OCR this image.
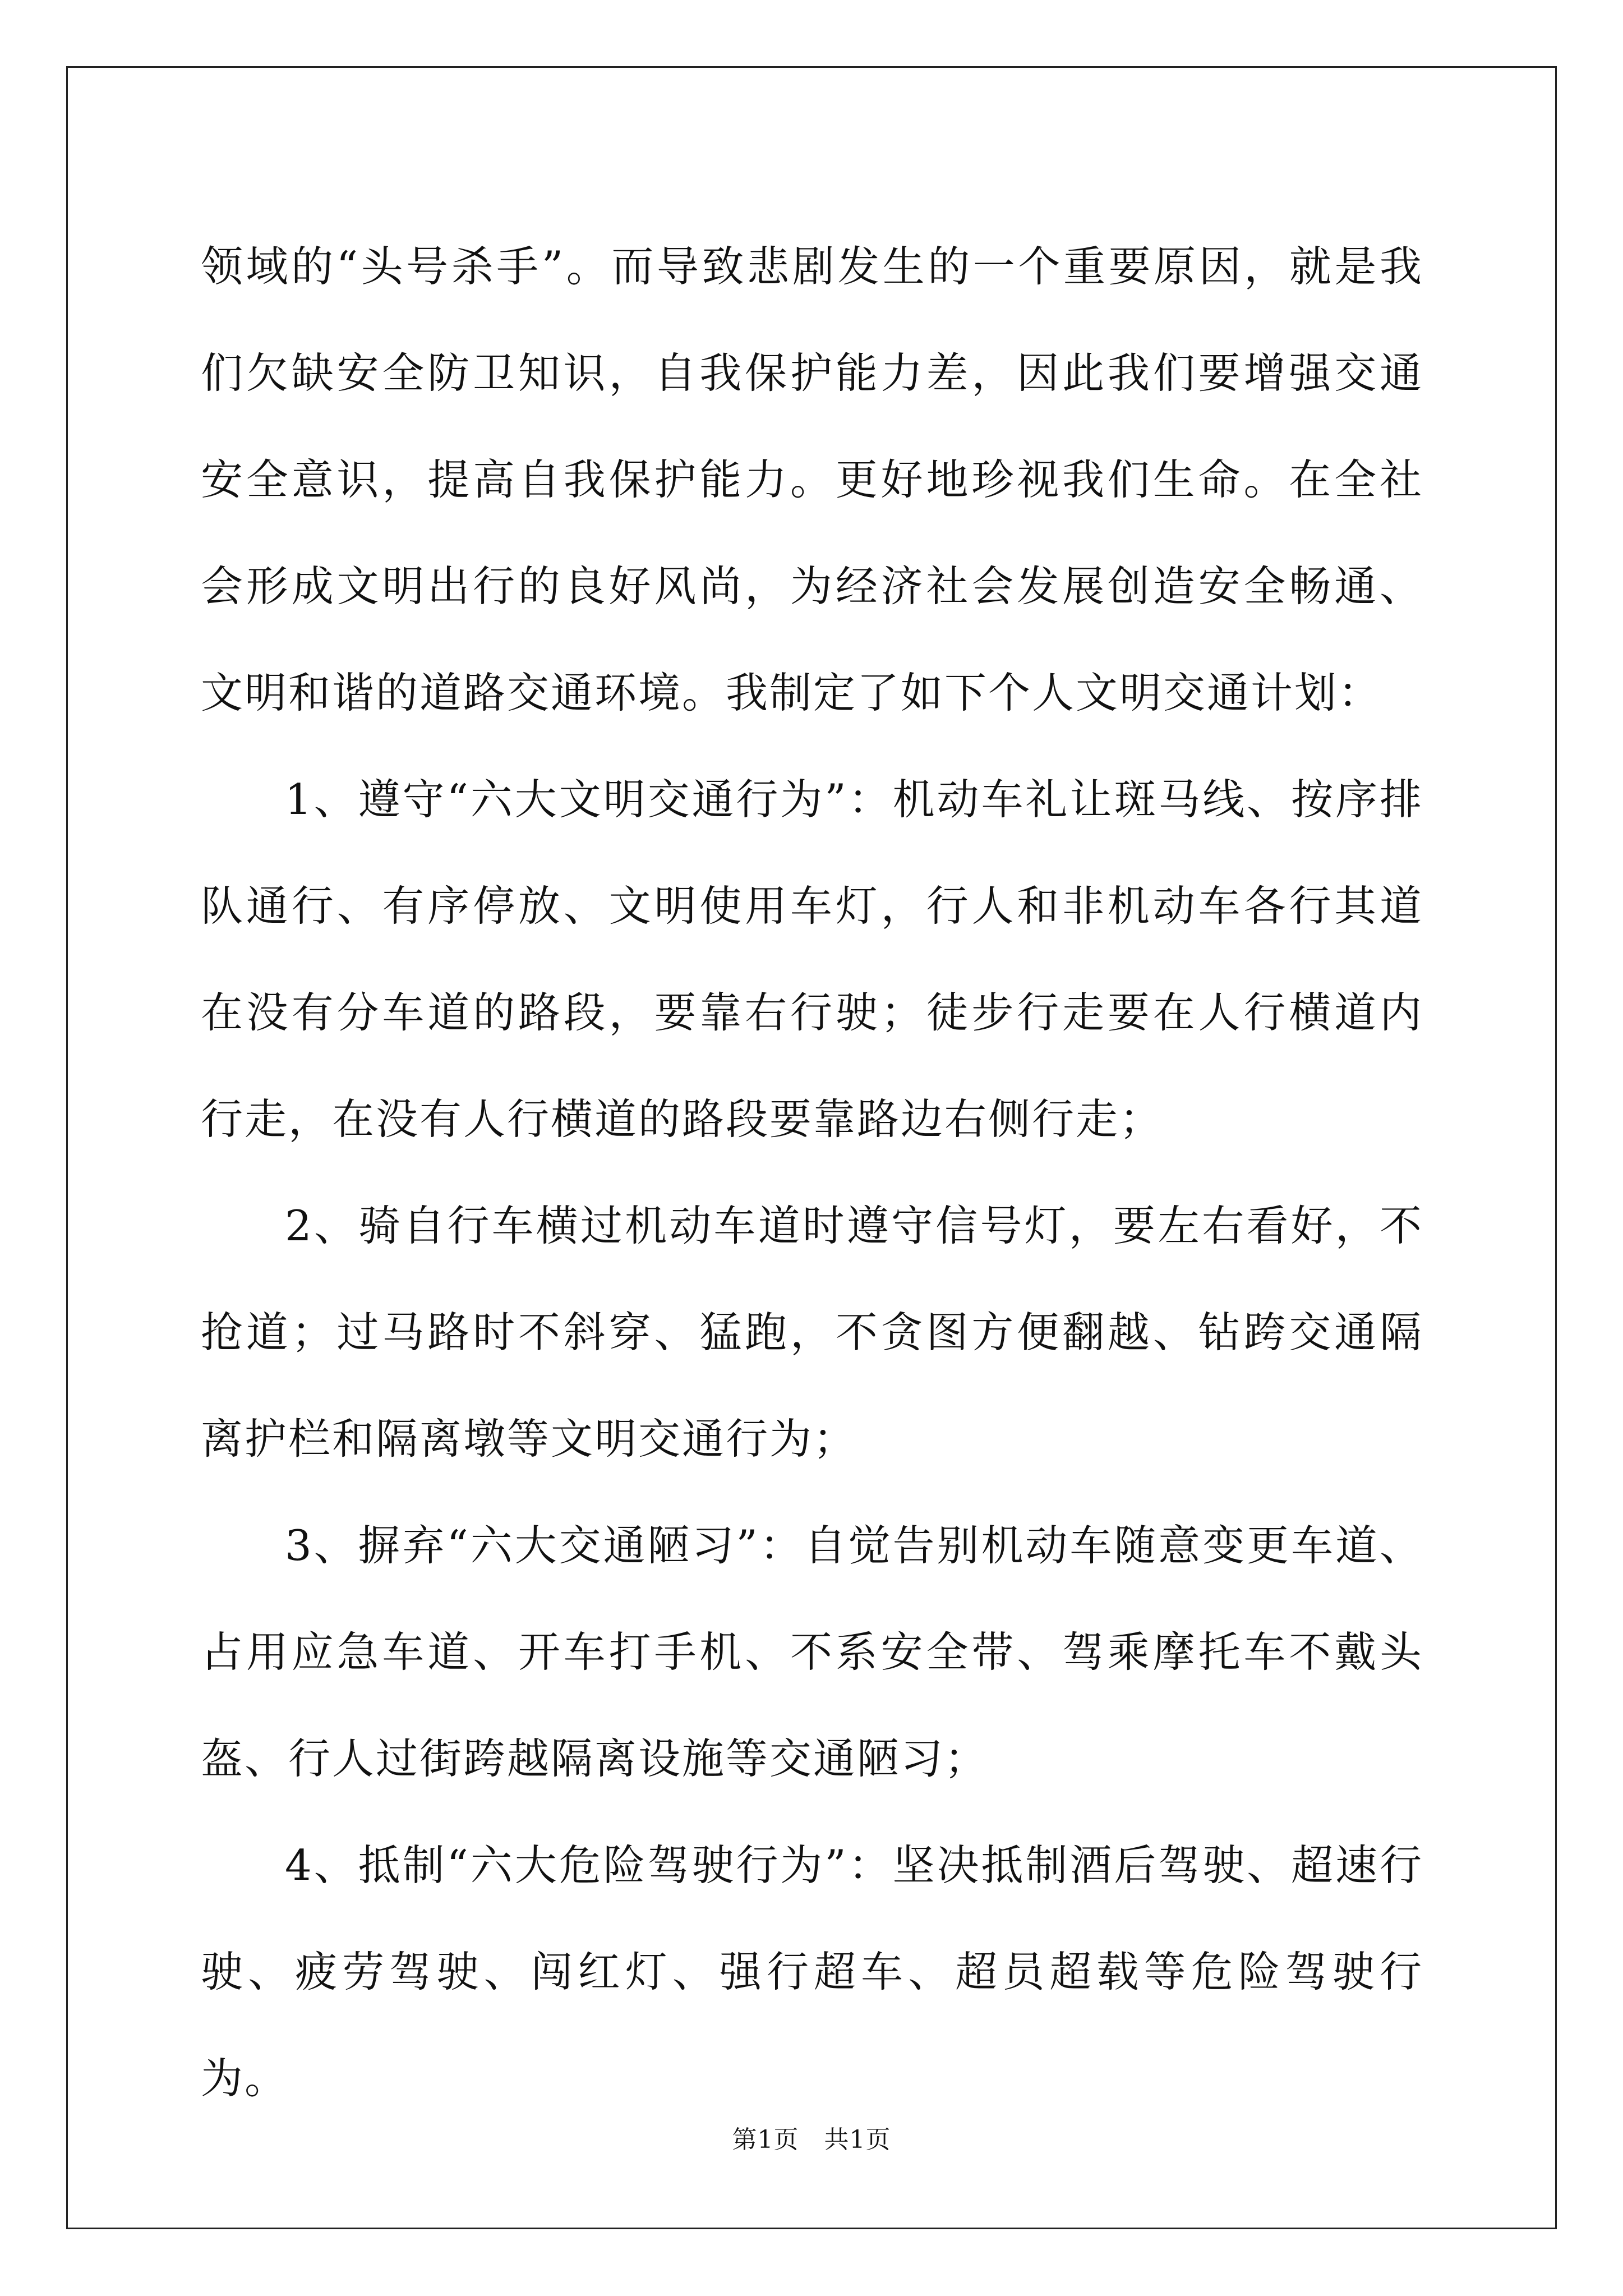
领域的“头号杀手”。而导致悲剧发生的一个重要原因，就是我们欠缺安全防卫知识，自我保护能力差，因此我们要增强交通安全意识，提高自我保护能力。更好地珍视我们生命。在全社会形成文明出行的良好风尚，为经济社会发展创造安全畅通、文明和谐的道路交通环境。我制定了如下个人文明交通计划：

1、遵守“六大文明交通行为”：机动车礼让斑马线、按序排队通行、有序停放、文明使用车灯，行人和非机动车各行其道在没有分车道的路段，要靠右行驶；徒步行走要在人行横道内行走，在没有人行横道的路段要靠路边右侧行走；

2、骑自行车横过机动车道时遵守信号灯，要左右看好，不抢道；过马路时不斜穿、猛跑，不贪图方便翻越、钻跨交通隔离护栏和隔离墩等文明交通行为；

3、摒弃“六大交通陋习”：自觉告别机动车随意变更车道、占用应急车道、开车打手机、不系安全带、驾乘摩托车不戴头盔、行人过街跨越隔离设施等交通陋习；

4、抵制“六大危险驾驶行为”：坚决抵制酒后驾驶、超速行驶、疲劳驾驶、闯红灯、强行超车、超员超载等危险驾驶行为。

第1页 共1页
